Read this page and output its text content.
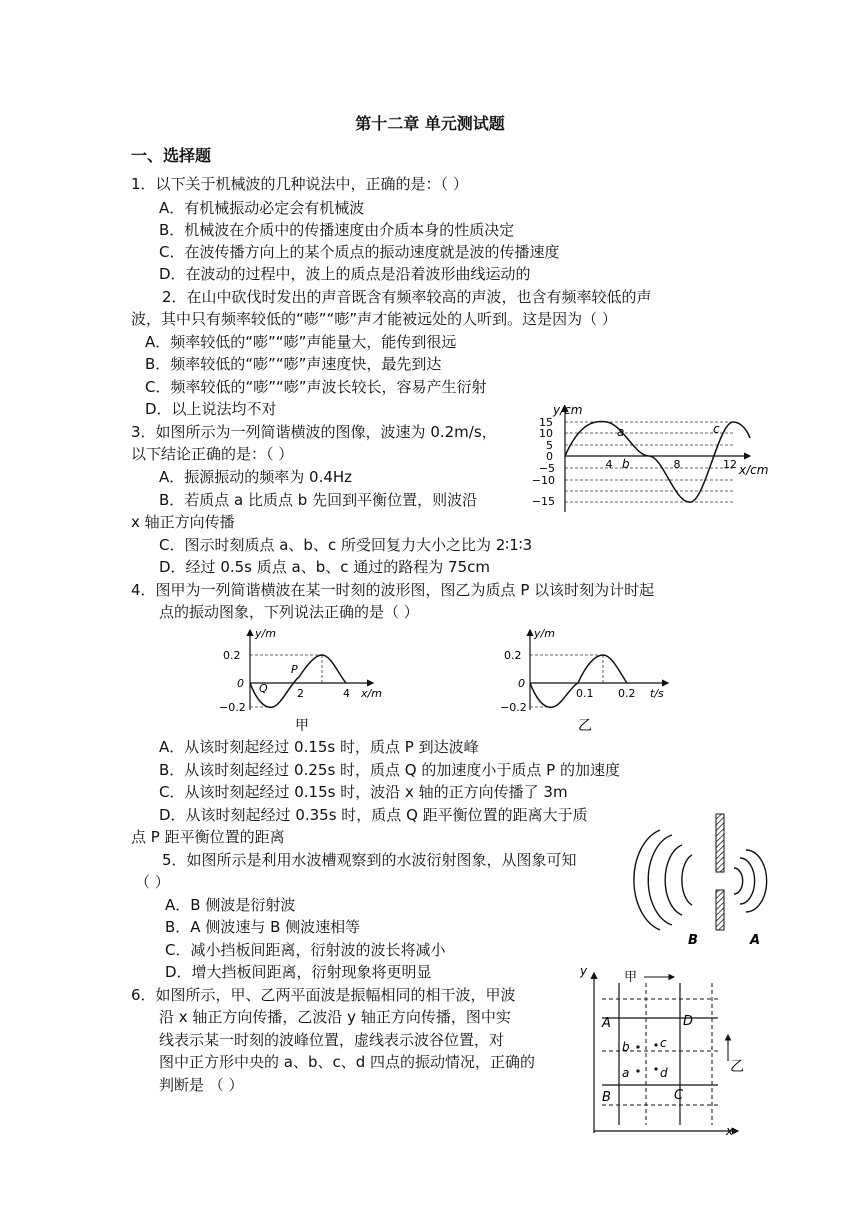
第十二章 单元测试题
一、选择题
1．以下关于机械波的几种说法中，正确的是：（ ）
A．有机械振动必定会有机械波
B．机械波在介质中的传播速度由介质本身的性质决定
C．在波传播方向上的某个质点的振动速度就是波的传播速度
D．在波动的过程中，波上的质点是沿着波形曲线运动的
2．在山中砍伐时发出的声音既含有频率较高的声波，也含有频率较低的声
波，其中只有频率较低的“嘭”“嘭”声才能被远处的人听到。这是因为（ ）
A．频率较低的“嘭”“嘭”声能量大，能传到很远
B．频率较低的“嘭”“嘭”声速度快，最先到达
C．频率较低的“嘭”“嘭”声波长较长，容易产生衍射
D．以上说法均不对
3．如图所示为一列简谐横波的图像，波速为 0.2m/s，
以下结论正确的是：（ ）
A．振源振动的频率为 0.4Hz
B．若质点 a 比质点 b 先回到平衡位置，则波沿
x 轴正方向传播
C．图示时刻质点 a、b、c 所受回复力大小之比为 2∶1∶3
D．经过 0.5s 质点 a、b、c 通过的路程为 75cm
y/cm
x/cm
15
10
5
0
−5
−10
−15
4	8	12
a
b
c
4．图甲为一列简谐横波在某一时刻的波形图，图乙为质点 P 以该时刻为计时起
点的振动图象，下列说法正确的是（ ）
y/m
0.2
0
−0.2
2	4 x/m
P
Q
甲
y/m
0.2
0
−0.2
0.1 0.2 t/s
乙
A．从该时刻起经过 0.15s 时，质点 P 到达波峰
B．从该时刻起经过 0.25s 时，质点 Q 的加速度小于质点 P 的加速度
C．从该时刻起经过 0.15s 时，波沿 x 轴的正方向传播了 3m
D．从该时刻起经过 0.35s 时，质点 Q 距平衡位置的距离大于质
点 P 距平衡位置的距离
5．如图所示是利用水波槽观察到的水波衍射图象，从图象可知
（ ）
A．B 侧波是衍射波
B．A 侧波速与 B 侧波速相等
C．减小挡板间距离，衍射波的波长将减小
D．增大挡板间距离，衍射现象将更明显
B	A
6．如图所示，甲、乙两平面波是振幅相同的相干波，甲波
沿 x 轴正方向传播，乙波沿 y 轴正方向传播，图中实
线表示某一时刻的波峰位置，虚线表示波谷位置，对
图中正方形中央的 a、b、c、d 四点的振动情况，正确的
判断是 （ ）
甲
乙
y
x
A	D
B	C
a
b	c
d
